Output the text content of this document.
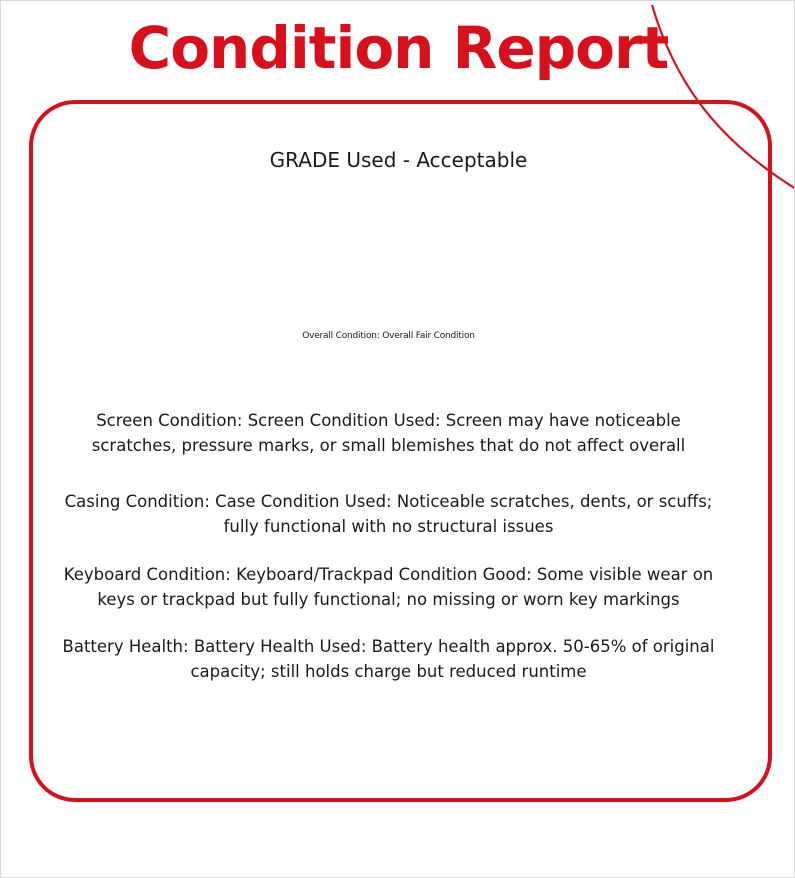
Condition Report
GRADE Used - Acceptable
Overall Condition: Overall Fair Condition
Screen Condition: Screen Condition Used: Screen may have noticeable scratches, pressure marks, or small blemishes that do not affect overall
Casing Condition: Case Condition Used: Noticeable scratches, dents, or scuffs; fully functional with no structural issues
Keyboard Condition: Keyboard/Trackpad Condition Good: Some visible wear on keys or trackpad but fully functional; no missing or worn key markings
Battery Health: Battery Health Used: Battery health approx. 50-65% of original capacity; still holds charge but reduced runtime
